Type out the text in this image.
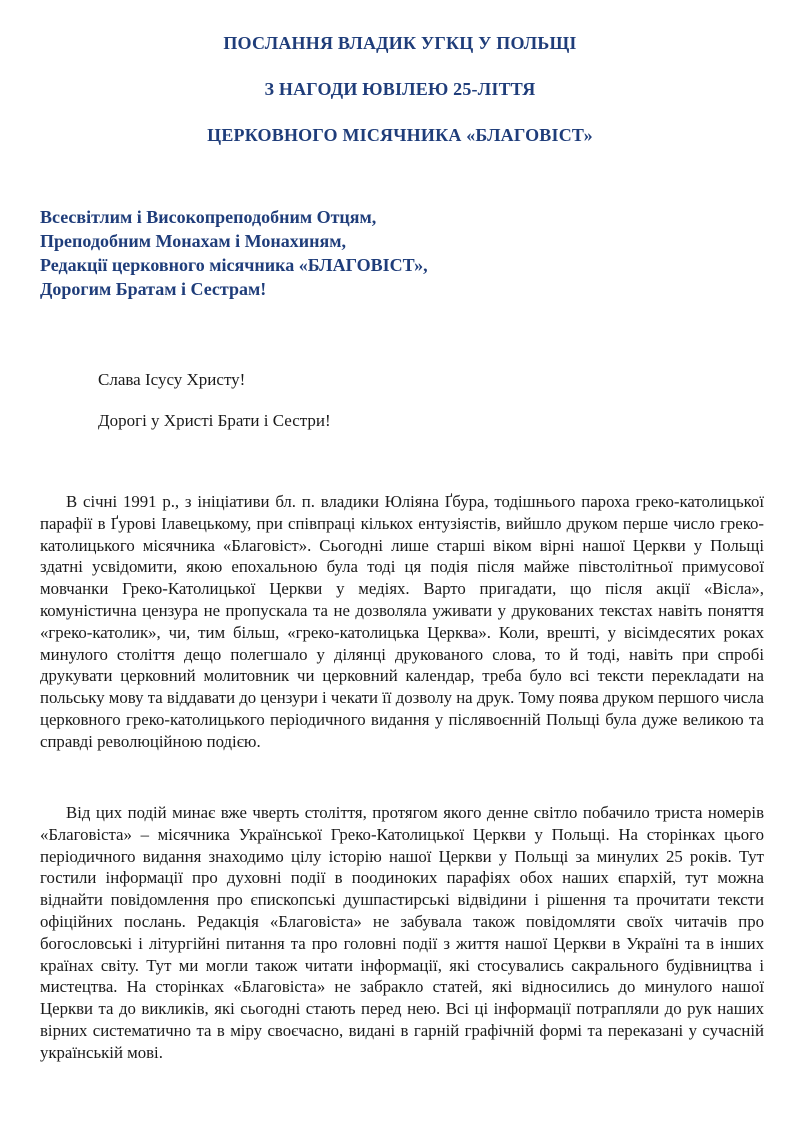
ПОСЛАННЯ ВЛАДИК УГКЦ У ПОЛЬЩІ
З НАГОДИ ЮВІЛЕЮ 25-ЛІТТЯ
ЦЕРКОВНОГО МІСЯЧНИКА «БЛАГОВІСТ»
Всесвітлим і Високопреподобним Отцям,
Преподобним Монахам і Монахиням,
Редакції церковного місячника «БЛАГОВІСТ»,
Дорогим Братам і Сестрам!
Слава Ісусу Христу!
Дорогі у Христі Брати і Сестри!
В січні 1991 р., з ініціативи бл. п. владики Юліяна Ґбура, тодішнього пароха греко-католицької парафії в Ґурові Ілавецькому, при співпраці кількох ентузіястів, вийшло друком перше число греко-католицького місячника «Благовіст». Сьогодні лише старші віком вірні нашої Церкви у Польщі здатні усвідомити, якою епохальною була тоді ця подія після майже півстолітньої примусової мовчанки Греко-Католицької Церкви у медіях. Варто пригадати, що після акції «Вісла», комуністична цензура не пропускала та не дозволяла уживати у друкованих текстах навіть поняття «греко-католик», чи, тим більш, «греко-католицька Церква». Коли, врешті, у вісімдесятих роках минулого століття дещо полегшало у ділянці друкованого слова, то й тоді, навіть при спробі друкувати церковний молитовник чи церковний календар, треба було всі тексти перекладати на польську мову та віддавати до цензури і чекати її дозволу на друк. Тому поява друком першого числа церковного греко-католицького періодичного видання у післявоєнній Польщі була дуже великою та справді революційною подією.
Від цих подій минає вже чверть століття, протягом якого денне світло побачило триста номерів «Благовіста» – місячника Української Греко-Католицької Церкви у Польщі. На сторінках цього періодичного видання знаходимо цілу історію нашої Церкви у Польщі за минулих 25 років. Тут гостили інформації про духовні події в поодиноких парафіях обох наших єпархій, тут можна віднайти повідомлення про єпископські душпастирські відвідини і рішення та прочитати тексти офіційних послань. Редакція «Благовіста» не забувала також повідомляти своїх читачів про богословські і літургійні питання та про головні події з життя нашої Церкви в Україні та в інших країнах світу. Тут ми могли також читати інформації, які стосувались сакрального будівництва і мистецтва. На сторінках «Благовіста» не забракло статей, які відносились до минулого нашої Церкви та до викликів, які сьогодні стають перед нею. Всі ці інформації потрапляли до рук наших вірних систематично та в міру своєчасно, видані в гарній графічній формі та переказані у сучасній українській мові.
